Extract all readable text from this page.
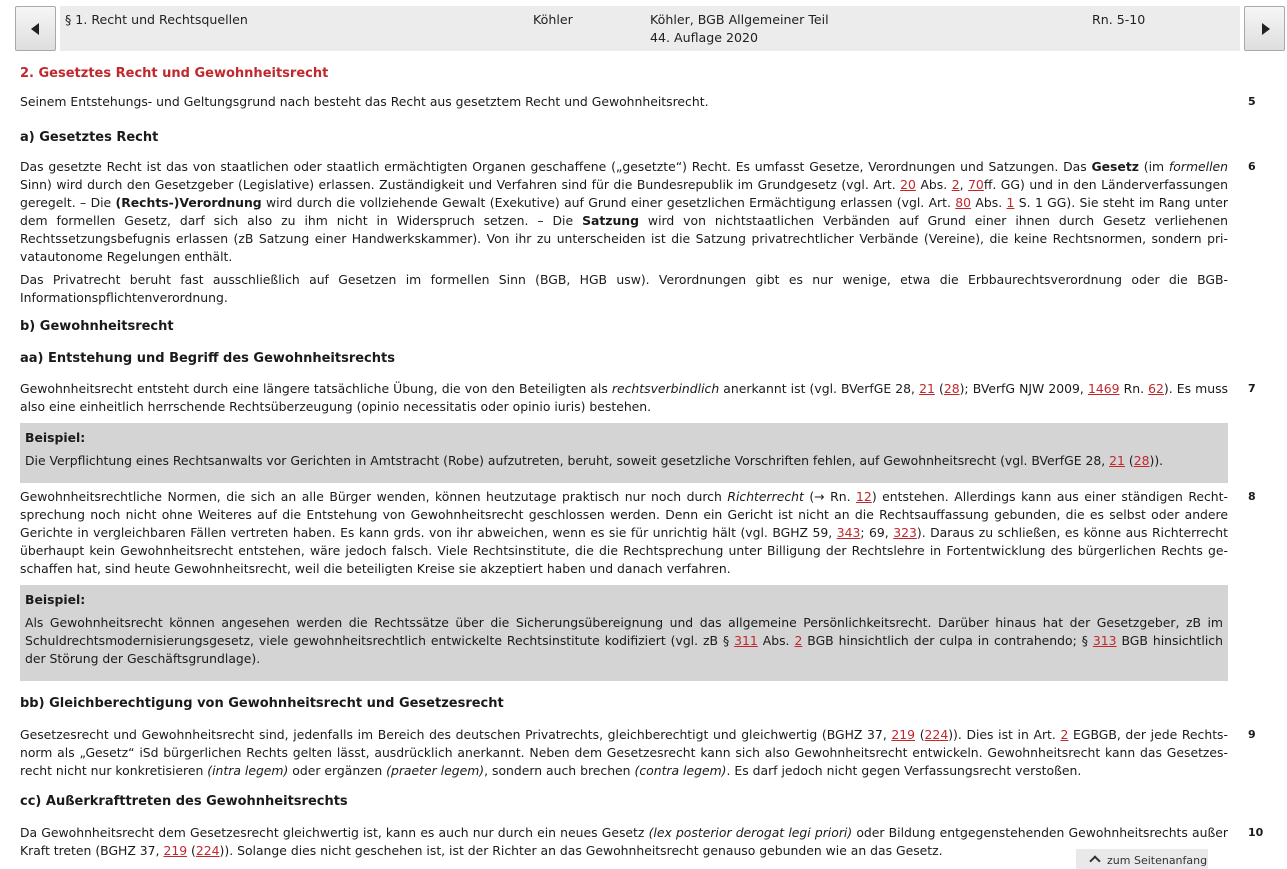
§ 1. Recht und Rechtsquellen	Köhler	Köhler, BGB Allgemeiner Teil
44. Auflage 2020
Rn. 5-10
2. Gesetztes Recht und Gewohnheitsrecht
Seinem Entstehungs- und Geltungsgrund nach besteht das Recht aus gesetztem Recht und Gewohnheitsrecht.	5
a) Gesetztes Recht
Das gesetzte Recht ist das von staatlichen oder staatlich ermächtigten Organen geschaffene („gesetzte“) Recht. Es umfasst Gesetze, Verordnungen und Satzungen. Das Gesetz (im formellen Sinn) wird durch den Gesetzgeber (Legislative) erlassen. Zuständigkeit und Verfahren sind für die Bundesrepublik im Grundgesetz (vgl. Art. 20 Abs. 2, 70ff. GG) und in den Länderverfassungen geregelt. – Die (Rechts-)Verordnung wird durch die vollziehende Gewalt (Exekutive) auf Grund einer gesetzlichen Ermächtigung erlassen (vgl. Art. 80 Abs. 1 S. 1 GG). Sie steht im Rang unter dem formellen Gesetz, darf sich also zu ihm nicht in Widerspruch setzen. – Die Satzung wird von nichtstaatlichen Verbänden auf Grund einer ihnen durch Gesetz verliehenen Rechtssetzungsbefugnis erlassen (zB Satzung einer Handwerkskammer). Von ihr zu unterscheiden ist die Satzung privatrechtlicher Verbände (Vereine), die keine Rechtsnormen, sondern privatautonome Regelungen enthält.
6
Das Privatrecht beruht fast ausschließlich auf Gesetzen im formellen Sinn (BGB, HGB usw). Verordnungen gibt es nur wenige, etwa die Erbbaurechtsverordnung oder die BGB-Informationspflichtenverordnung.
b) Gewohnheitsrecht
aa) Entstehung und Begriff des Gewohnheitsrechts
Gewohnheitsrecht entsteht durch eine längere tatsächliche Übung, die von den Beteiligten als rechtsverbindlich anerkannt ist (vgl. BVerfGE 28, 21 (28); BVerfG NJW 2009, 1469 Rn. 62). Es muss also eine einheitlich herrschende Rechtsüberzeugung (opinio necessitatis oder opinio iuris) bestehen.
7
Beispiel:
Die Verpflichtung eines Rechtsanwalts vor Gerichten in Amtstracht (Robe) aufzutreten, beruht, soweit gesetzliche Vorschriften fehlen, auf Gewohnheitsrecht (vgl. BVerfGE 28, 21 (28)).
Gewohnheitsrechtliche Normen, die sich an alle Bürger wenden, können heutzutage praktisch nur noch durch Richterrecht (→ Rn. 12) entstehen. Allerdings kann aus einer ständigen Rechtsprechung noch nicht ohne Weiteres auf die Entstehung von Gewohnheitsrecht geschlossen werden. Denn ein Gericht ist nicht an die Rechtsauffassung gebunden, die es selbst oder andere Gerichte in vergleichbaren Fällen vertreten haben. Es kann grds. von ihr abweichen, wenn es sie für unrichtig hält (vgl. BGHZ 59, 343; 69, 323). Daraus zu schließen, es könne aus Richterrecht überhaupt kein Gewohnheitsrecht entstehen, wäre jedoch falsch. Viele Rechtsinstitute, die die Rechtsprechung unter Billigung der Rechtslehre in Fortentwicklung des bürgerlichen Rechts geschaffen hat, sind heute Gewohnheitsrecht, weil die beteiligten Kreise sie akzeptiert haben und danach verfahren.
8
Beispiel:
Als Gewohnheitsrecht können angesehen werden die Rechtssätze über die Sicherungsübereignung und das allgemeine Persönlichkeitsrecht. Darüber hinaus hat der Gesetzgeber, zB im Schuldrechtsmodernisierungsgesetz, viele gewohnheitsrechtlich entwickelte Rechtsinstitute kodifiziert (vgl. zB § 311 Abs. 2 BGB hinsichtlich der culpa in contrahendo; § 313 BGB hinsichtlich der Störung der Geschäftsgrundlage).
bb) Gleichberechtigung von Gewohnheitsrecht und Gesetzesrecht
Gesetzesrecht und Gewohnheitsrecht sind, jedenfalls im Bereich des deutschen Privatrechts, gleichberechtigt und gleichwertig (BGHZ 37, 219 (224)). Dies ist in Art. 2 EGBGB, der jede Rechtsnorm als „Gesetz“ iSd bürgerlichen Rechts gelten lässt, ausdrücklich anerkannt. Neben dem Gesetzesrecht kann sich also Gewohnheitsrecht entwickeln. Gewohnheitsrecht kann das Gesetzesrecht nicht nur konkretisieren (intra legem) oder ergänzen (praeter legem), sondern auch brechen (contra legem). Es darf jedoch nicht gegen Verfassungsrecht verstoßen.
9
cc) Außerkrafttreten des Gewohnheitsrechts
Da Gewohnheitsrecht dem Gesetzesrecht gleichwertig ist, kann es auch nur durch ein neues Gesetz (lex posterior derogat legi priori) oder Bildung entgegenstehenden Gewohnheitsrechts außer Kraft treten (BGHZ 37, 219 (224)). Solange dies nicht geschehen ist, ist der Richter an das Gewohnheitsrecht genauso gebunden wie an das Gesetz.
10
zum Seitenanfang
